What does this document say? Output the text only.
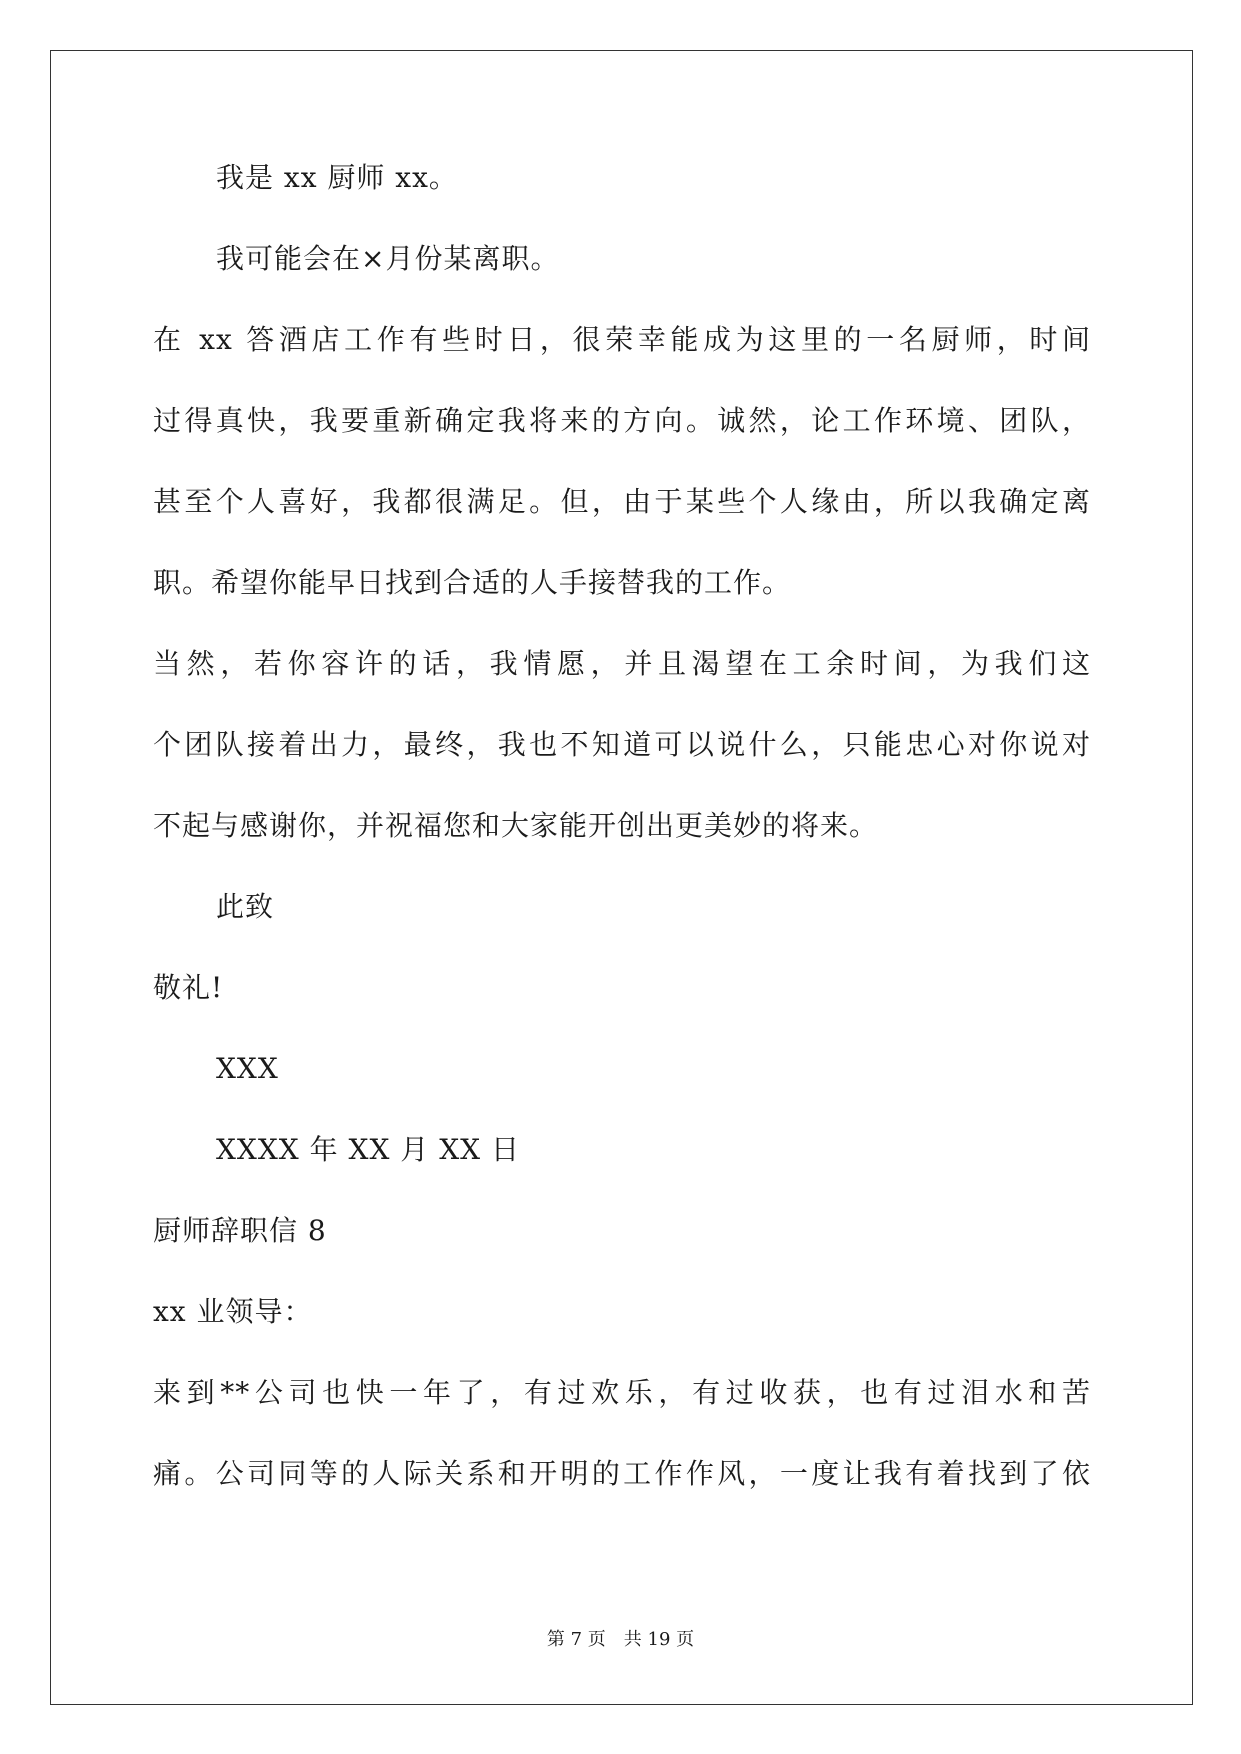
我是 xx 厨师 xx。
我可能会在×月份某离职。
在 xx 答酒店工作有些时日，很荣幸能成为这里的一名厨师，时间
过得真快，我要重新确定我将来的方向。诚然，论工作环境、团队，
甚至个人喜好，我都很满足。但，由于某些个人缘由，所以我确定离
职。希望你能早日找到合适的人手接替我的工作。
当然，若你容许的话，我情愿，并且渴望在工余时间，为我们这
个团队接着出力，最终，我也不知道可以说什么，只能忠心对你说对
不起与感谢你，并祝福您和大家能开创出更美妙的将来。
此致
敬礼!
XXX
XXXX 年 XX 月 XX 日
厨师辞职信 8
xx 业领导：
来到**公司也快一年了，有过欢乐，有过收获，也有过泪水和苦
痛。公司同等的人际关系和开明的工作作风，一度让我有着找到了依
第 7 页　共 19 页
